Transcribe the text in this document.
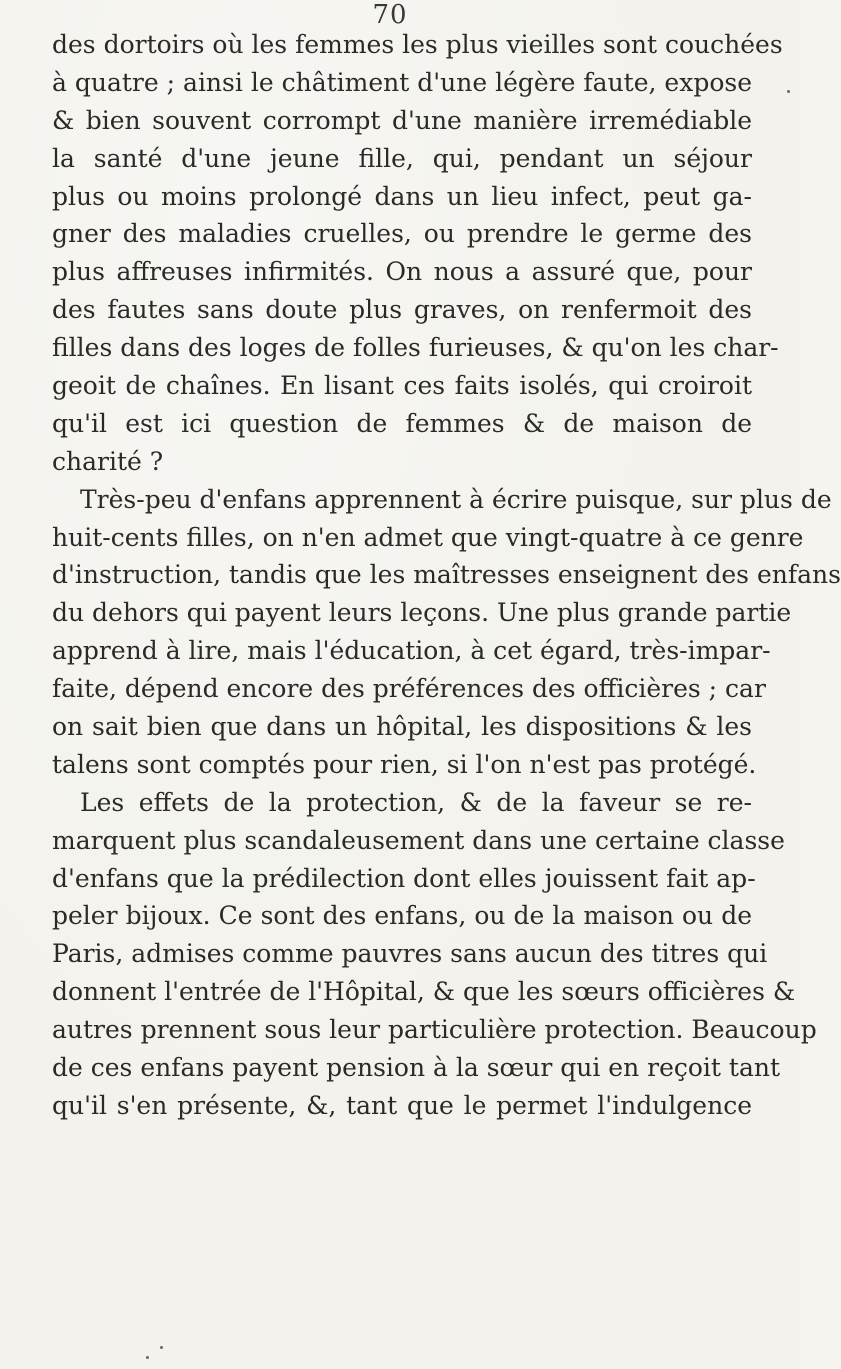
70
des dortoirs où les femmes les plus vieilles sont couchées
à quatre ; ainsi le châtiment d'une légère faute, expose
& bien souvent corrompt d'une manière irremédiable
la santé d'une jeune fille, qui, pendant un séjour
plus ou moins prolongé dans un lieu infect, peut ga-
gner des maladies cruelles, ou prendre le germe des
plus affreuses infirmités. On nous a assuré que, pour
des fautes sans doute plus graves, on renfermoit des
filles dans des loges de folles furieuses, & qu'on les char-
geoit de chaînes. En lisant ces faits isolés, qui croiroit
qu'il est ici question de femmes & de maison de
charité ?
Très-peu d'enfans apprennent à écrire puisque, sur plus de
huit-cents filles, on n'en admet que vingt-quatre à ce genre
d'instruction, tandis que les maîtresses enseignent des enfans
du dehors qui payent leurs leçons. Une plus grande partie
apprend à lire, mais l'éducation, à cet égard, très-impar-
faite, dépend encore des préférences des officières ; car
on sait bien que dans un hôpital, les dispositions & les
talens sont comptés pour rien, si l'on n'est pas protégé.
Les effets de la protection, & de la faveur se re-
marquent plus scandaleusement dans une certaine classe
d'enfans que la prédilection dont elles jouissent fait ap-
peler bijoux. Ce sont des enfans, ou de la maison ou de
Paris, admises comme pauvres sans aucun des titres qui
donnent l'entrée de l'Hôpital, & que les sœurs officières &
autres prennent sous leur particulière protection. Beaucoup
de ces enfans payent pension à la sœur qui en reçoit tant
qu'il s'en présente, &, tant que le permet l'indulgence
